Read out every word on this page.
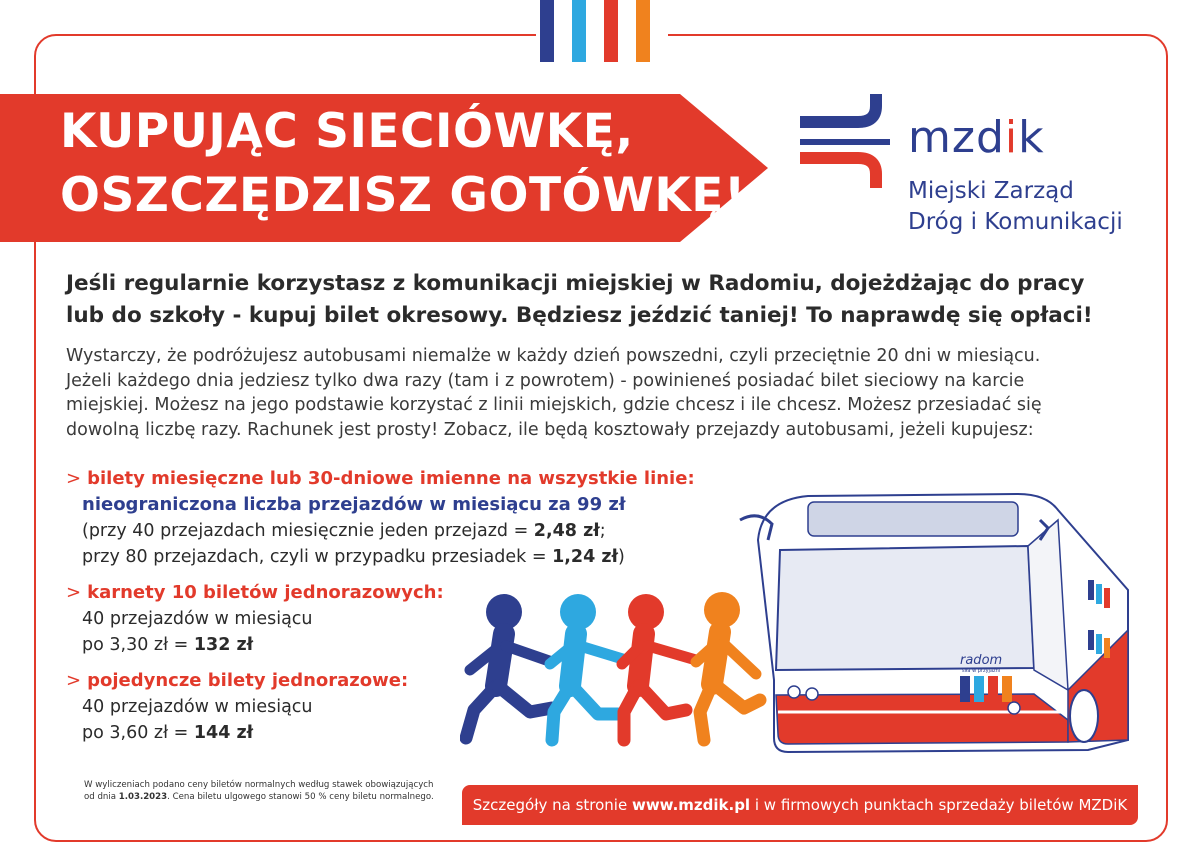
KUPUJĄC SIECIÓWKĘ,
OSZCZĘDZISZ GOTÓWKĘ!
mzdik
Miejski Zarząd
Dróg i Komunikacji
Jeśli regularnie korzystasz z komunikacji miejskiej w Radomiu, dojeżdżając do pracy
lub do szkoły - kupuj bilet okresowy. Będziesz jeździć taniej! To naprawdę się opłaci!
Wystarczy, że podróżujesz autobusami niemalże w każdy dzień powszedni, czyli przeciętnie 20 dni w miesiącu.
Jeżeli każdego dnia jedziesz tylko dwa razy (tam i z powrotem) - powinieneś posiadać bilet sieciowy na karcie
miejskiej. Możesz na jego podstawie korzystać z linii miejskich, gdzie chcesz i ile chcesz. Możesz przesiadać się
dowolną liczbę razy. Rachunek jest prosty! Zobacz, ile będą kosztowały przejazdy autobusami, jeżeli kupujesz:
> bilety miesięczne lub 30-dniowe imienne na wszystkie linie:
nieograniczona liczba przejazdów w miesiącu za 99 zł
(przy 40 przejazdach miesięcznie jeden przejazd = 2,48 zł;
przy 80 przejazdach, czyli w przypadku przesiadek = 1,24 zł)
> karnety 10 biletów jednorazowych:
40 przejazdów w miesiącu
po 3,30 zł = 132 zł
> pojedyncze bilety jednorazowe:
40 przejazdów w miesiącu
po 3,60 zł = 144 zł
radom
siła w przyjaźni
W wyliczeniach podano ceny biletów normalnych według stawek obowiązujących
od dnia 1.03.2023. Cena biletu ulgowego stanowi 50 % ceny biletu normalnego.	Szczegóły na stronie www.mzdik.pl i w firmowych punktach sprzedaży biletów MZDiK
